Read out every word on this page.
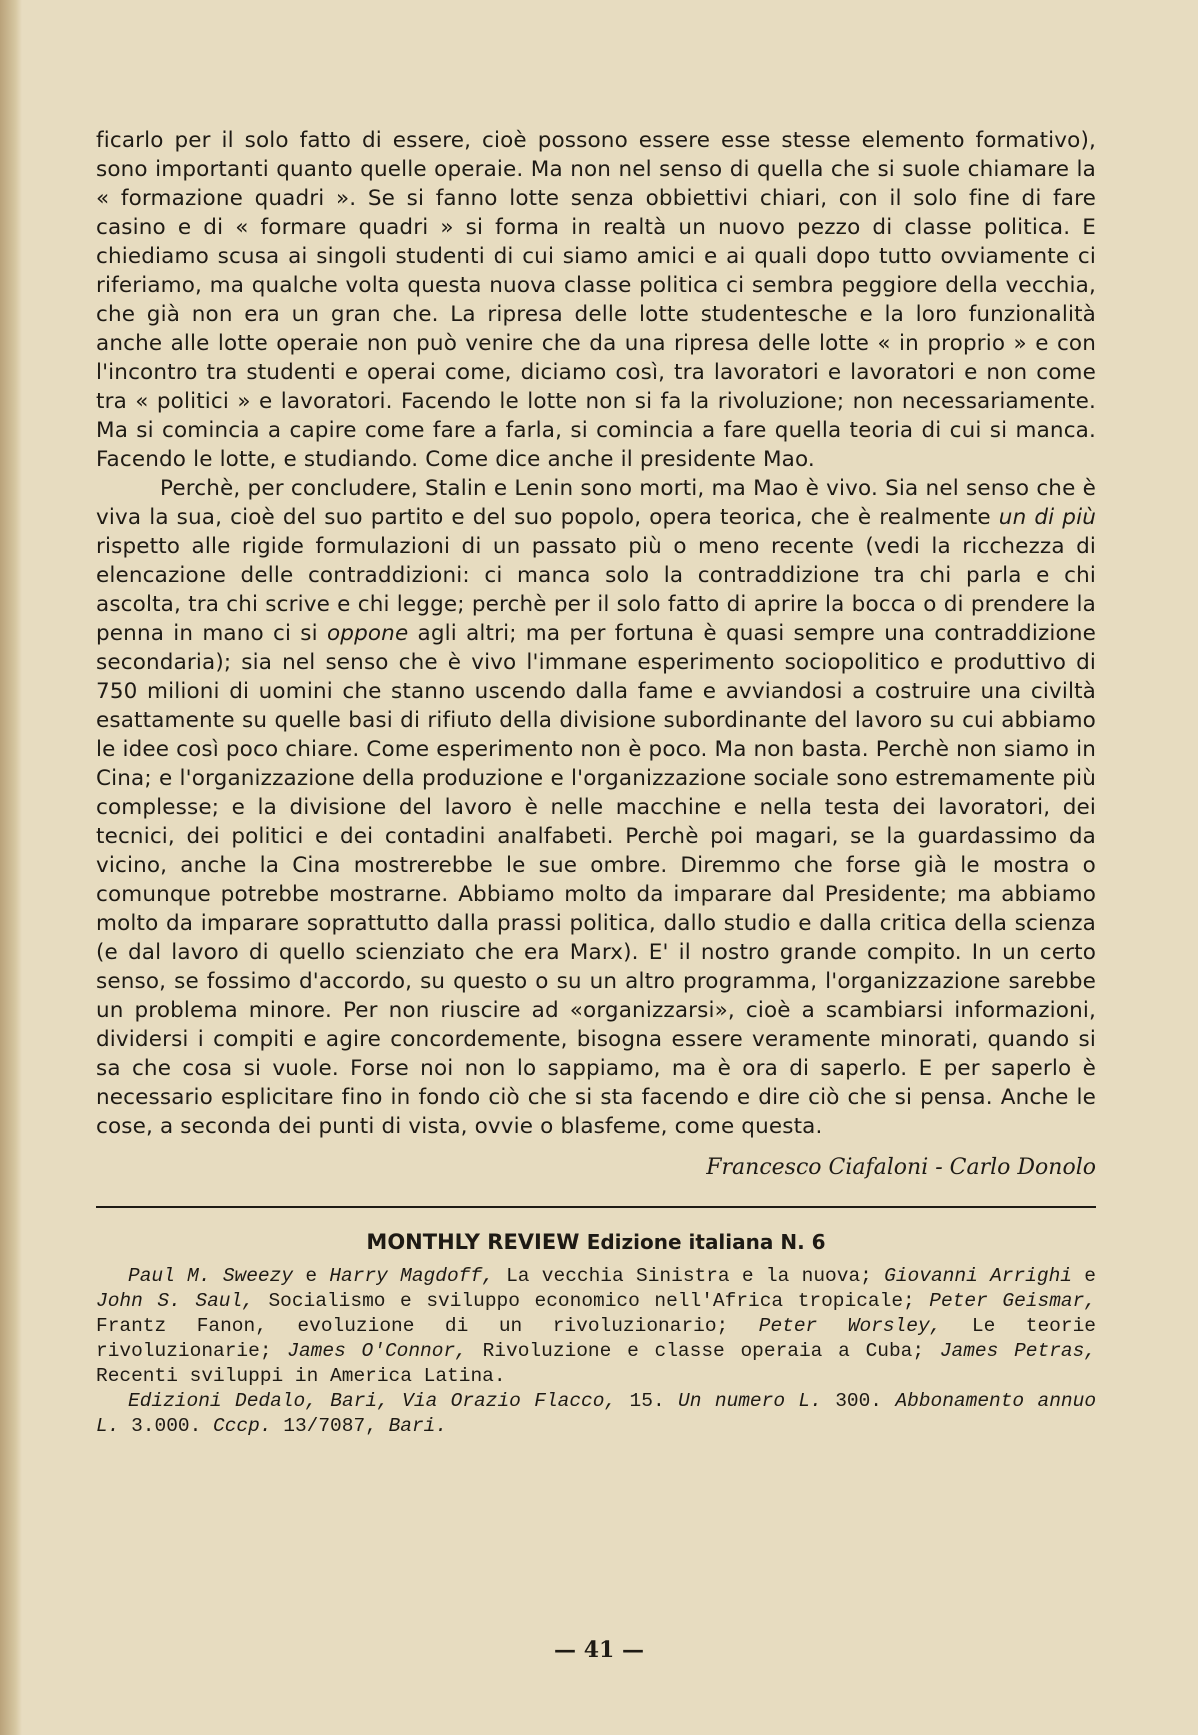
ficarlo per il solo fatto di essere, cioè possono essere esse stesse elemento formativo), sono importanti quanto quelle operaie. Ma non nel senso di quella che si suole chiamare la « formazione quadri ». Se si fanno lotte senza obbiettivi chiari, con il solo fine di fare casino e di « formare quadri » si forma in realtà un nuovo pezzo di classe politica. E chiediamo scusa ai singoli studenti di cui siamo amici e ai quali dopo tutto ovviamente ci riferiamo, ma qualche volta questa nuova classe politica ci sembra peggiore della vecchia, che già non era un gran che. La ripresa delle lotte studentesche e la loro funzionalità anche alle lotte operaie non può venire che da una ripresa delle lotte « in proprio » e con l'incontro tra studenti e operai come, diciamo così, tra lavoratori e lavoratori e non come tra « politici » e lavoratori. Facendo le lotte non si fa la rivoluzione; non necessariamente. Ma si comincia a capire come fare a farla, si comincia a fare quella teoria di cui si manca. Facendo le lotte, e studiando. Come dice anche il presidente Mao.

Perchè, per concludere, Stalin e Lenin sono morti, ma Mao è vivo. Sia nel senso che è viva la sua, cioè del suo partito e del suo popolo, opera teorica, che è realmente un di più rispetto alle rigide formulazioni di un passato più o meno recente (vedi la ricchezza di elencazione delle contraddizioni: ci manca solo la contraddizione tra chi parla e chi ascolta, tra chi scrive e chi legge; perchè per il solo fatto di aprire la bocca o di prendere la penna in mano ci si oppone agli altri; ma per fortuna è quasi sempre una contraddizione secondaria); sia nel senso che è vivo l'immane esperimento sociopolitico e produttivo di 750 milioni di uomini che stanno uscendo dalla fame e avviandosi a costruire una civiltà esattamente su quelle basi di rifiuto della divisione subordinante del lavoro su cui abbiamo le idee così poco chiare. Come esperimento non è poco. Ma non basta. Perchè non siamo in Cina; e l'organizzazione della produzione e l'organizzazione sociale sono estremamente più complesse; e la divisione del lavoro è nelle macchine e nella testa dei lavoratori, dei tecnici, dei politici e dei contadini analfabeti. Perchè poi magari, se la guardassimo da vicino, anche la Cina mostrerebbe le sue ombre. Diremmo che forse già le mostra o comunque potrebbe mostrarne. Abbiamo molto da imparare dal Presidente; ma abbiamo molto da imparare soprattutto dalla prassi politica, dallo studio e dalla critica della scienza (e dal lavoro di quello scienziato che era Marx). E' il nostro grande compito. In un certo senso, se fossimo d'accordo, su questo o su un altro programma, l'organizzazione sarebbe un problema minore. Per non riuscire ad «organizzarsi», cioè a scambiarsi informazioni, dividersi i compiti e agire concordemente, bisogna essere veramente minorati, quando si sa che cosa si vuole. Forse noi non lo sappiamo, ma è ora di saperlo. E per saperlo è necessario esplicitare fino in fondo ciò che si sta facendo e dire ciò che si pensa. Anche le cose, a seconda dei punti di vista, ovvie o blasfeme, come questa.

Francesco Ciafaloni - Carlo Donolo
MONTHLY REVIEW Edizione italiana N. 6

Paul M. Sweezy e Harry Magdoff, La vecchia Sinistra e la nuova; Giovanni Arrighi e John S. Saul, Socialismo e sviluppo economico nell'Africa tropicale; Peter Geismar, Frantz Fanon, evoluzione di un rivoluzionario; Peter Worsley, Le teorie rivoluzionarie; James O'Connor, Rivoluzione e classe operaia a Cuba; James Petras, Recenti sviluppi in America Latina.

Edizioni Dedalo, Bari, Via Orazio Flacco, 15. Un numero L. 300. Abbonamento annuo L. 3.000. Cccp. 13/7087, Bari.

— 41 —
